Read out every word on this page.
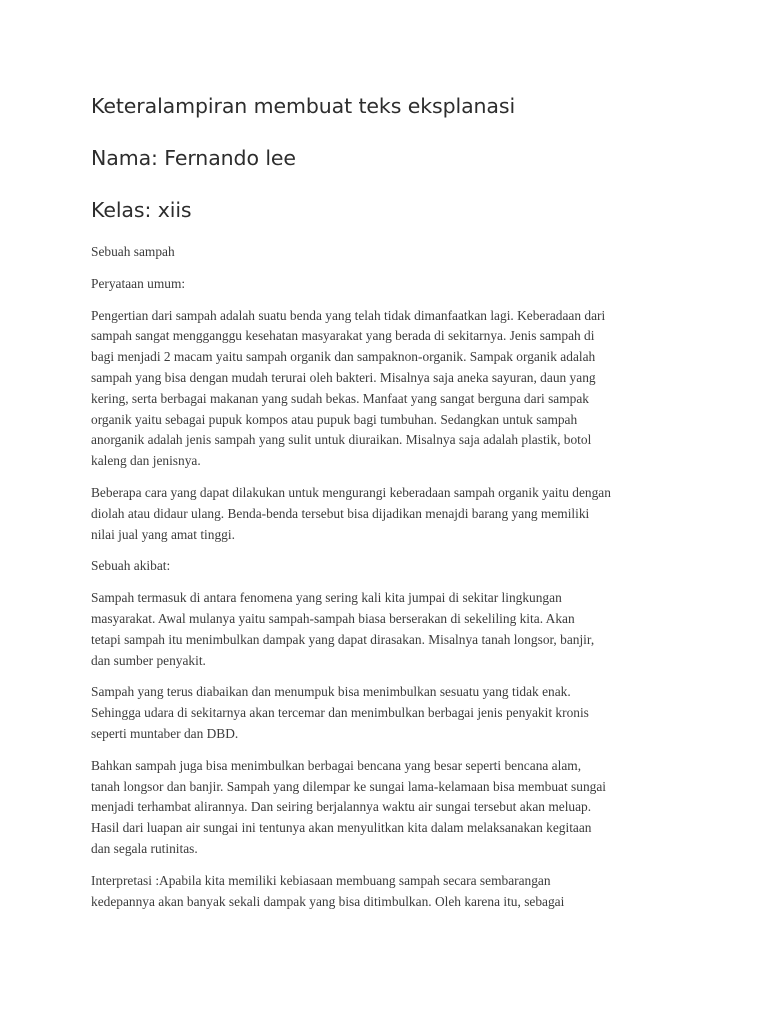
Keteralampiran membuat teks eksplanasi
Nama: Fernando lee
Kelas: xiis

Sebuah sampah

Peryataan umum:

Pengertian dari sampah adalah suatu benda yang telah tidak dimanfaatkan lagi. Keberadaan dari
sampah sangat mengganggu kesehatan masyarakat yang berada di sekitarnya. Jenis sampah di
bagi menjadi 2 macam yaitu sampah organik dan sampaknon-organik. Sampak organik adalah
sampah yang bisa dengan mudah terurai oleh bakteri. Misalnya saja aneka sayuran, daun yang
kering, serta berbagai makanan yang sudah bekas. Manfaat yang sangat berguna dari sampak
organik yaitu sebagai pupuk kompos atau pupuk bagi tumbuhan. Sedangkan untuk sampah
anorganik adalah jenis sampah yang sulit untuk diuraikan. Misalnya saja adalah plastik, botol
kaleng dan jenisnya.

Beberapa cara yang dapat dilakukan untuk mengurangi keberadaan sampah organik yaitu dengan
diolah atau didaur ulang. Benda-benda tersebut bisa dijadikan menajdi barang yang memiliki
nilai jual yang amat tinggi.

Sebuah akibat:

Sampah termasuk di antara fenomena yang sering kali kita jumpai di sekitar lingkungan
masyarakat. Awal mulanya yaitu sampah-sampah biasa berserakan di sekeliling kita. Akan
tetapi sampah itu menimbulkan dampak yang dapat dirasakan. Misalnya tanah longsor, banjir,
dan sumber penyakit.

Sampah yang terus diabaikan dan menumpuk bisa menimbulkan sesuatu yang tidak enak.
Sehingga udara di sekitarnya akan tercemar dan menimbulkan berbagai jenis penyakit kronis
seperti muntaber dan DBD.

Bahkan sampah juga bisa menimbulkan berbagai bencana yang besar seperti bencana alam,
tanah longsor dan banjir. Sampah yang dilempar ke sungai lama-kelamaan bisa membuat sungai
menjadi terhambat alirannya. Dan seiring berjalannya waktu air sungai tersebut akan meluap.
Hasil dari luapan air sungai ini tentunya akan menyulitkan kita dalam melaksanakan kegitaan
dan segala rutinitas.

Interpretasi :Apabila kita memiliki kebiasaan membuang sampah secara sembarangan
kedepannya akan banyak sekali dampak yang bisa ditimbulkan. Oleh karena itu, sebagai
